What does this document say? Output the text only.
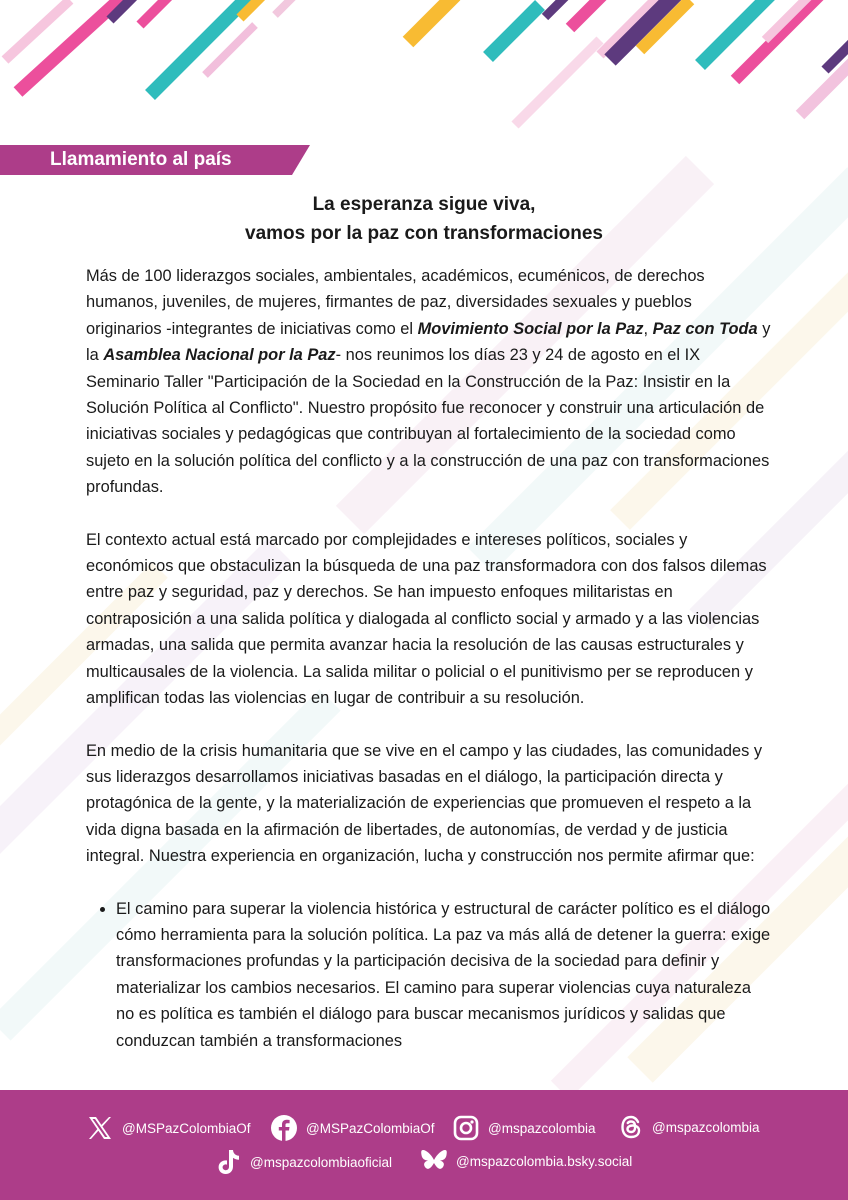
Llamamiento al país
La esperanza sigue viva,
vamos por la paz con transformaciones

Más de 100 liderazgos sociales, ambientales, académicos, ecuménicos, de derechos humanos, juveniles, de mujeres, firmantes de paz, diversidades sexuales y pueblos originarios -integrantes de iniciativas como el Movimiento Social por la Paz, Paz con Toda y la Asamblea Nacional por la Paz- nos reunimos los días 23 y 24 de agosto en el IX Seminario Taller "Participación de la Sociedad en la Construcción de la Paz: Insistir en la Solución Política al Conflicto". Nuestro propósito fue reconocer y construir una articulación de iniciativas sociales y pedagógicas que contribuyan al fortalecimiento de la sociedad como sujeto en la solución política del conflicto y a la construcción de una paz con transformaciones profundas.

El contexto actual está marcado por complejidades e intereses políticos, sociales y económicos que obstaculizan la búsqueda de una paz transformadora con dos falsos dilemas entre paz y seguridad, paz y derechos. Se han impuesto enfoques militaristas en contraposición a una salida política y dialogada al conflicto social y armado y a las violencias armadas, una salida que permita avanzar hacia la resolución de las causas estructurales y multicausales de la violencia. La salida militar o policial o el punitivismo per se reproducen y amplifican todas las violencias en lugar de contribuir a su resolución.

En medio de la crisis humanitaria que se vive en el campo y las ciudades, las comunidades y sus liderazgos desarrollamos iniciativas basadas en el diálogo, la participación directa y protagónica de la gente, y la materialización de experiencias que promueven el respeto a la vida digna basada en la afirmación de libertades, de autonomías, de verdad y de justicia integral. Nuestra experiencia en organización, lucha y construcción nos permite afirmar que:

• El camino para superar la violencia histórica y estructural de carácter político es el diálogo cómo herramienta para la solución política. La paz va más allá de detener la guerra: exige transformaciones profundas y la participación decisiva de la sociedad para definir y materializar los cambios necesarios. El camino para superar violencias cuya naturaleza no es política es también el diálogo para buscar mecanismos jurídicos y salidas que conduzcan también a transformaciones
@MSPazColombiaOf	@MSPazColombiaOf	@mspazcolombia	@mspazcolombia
@mspazcolombiaoficial	@mspazcolombia.bsky.social
